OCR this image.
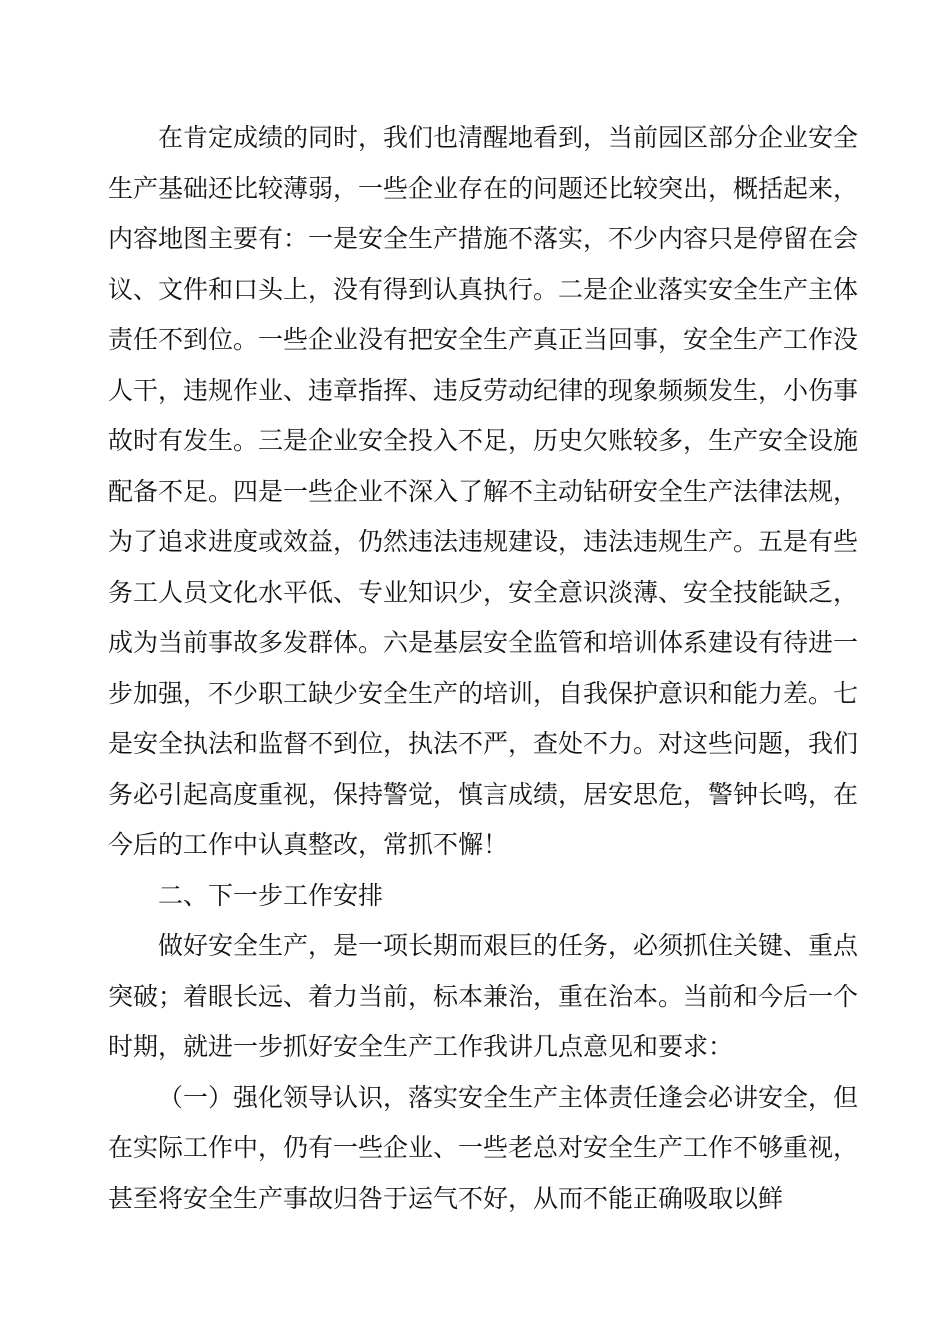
在肯定成绩的同时，我们也清醒地看到，当前园区部分企业安全生产基础还比较薄弱，一些企业存在的问题还比较突出，概括起来，内容地图主要有：一是安全生产措施不落实，不少内容只是停留在会议、文件和口头上，没有得到认真执行。二是企业落实安全生产主体责任不到位。一些企业没有把安全生产真正当回事，安全生产工作没人干，违规作业、违章指挥、违反劳动纪律的现象频频发生，小伤事故时有发生。三是企业安全投入不足，历史欠账较多，生产安全设施配备不足。四是一些企业不深入了解不主动钻研安全生产法律法规，为了追求进度或效益，仍然违法违规建设，违法违规生产。五是有些务工人员文化水平低、专业知识少，安全意识淡薄、安全技能缺乏，成为当前事故多发群体。六是基层安全监管和培训体系建设有待进一步加强，不少职工缺少安全生产的培训，自我保护意识和能力差。七是安全执法和监督不到位，执法不严，查处不力。对这些问题，我们务必引起高度重视，保持警觉，慎言成绩，居安思危，警钟长鸣，在今后的工作中认真整改，常抓不懈！

二、下一步工作安排

做好安全生产，是一项长期而艰巨的任务，必须抓住关键、重点突破；着眼长远、着力当前，标本兼治，重在治本。当前和今后一个时期，就进一步抓好安全生产工作我讲几点意见和要求：

（一）强化领导认识，落实安全生产主体责任逢会必讲安全，但在实际工作中，仍有一些企业、一些老总对安全生产工作不够重视，甚至将安全生产事故归咎于运气不好，从而不能正确吸取以鲜
